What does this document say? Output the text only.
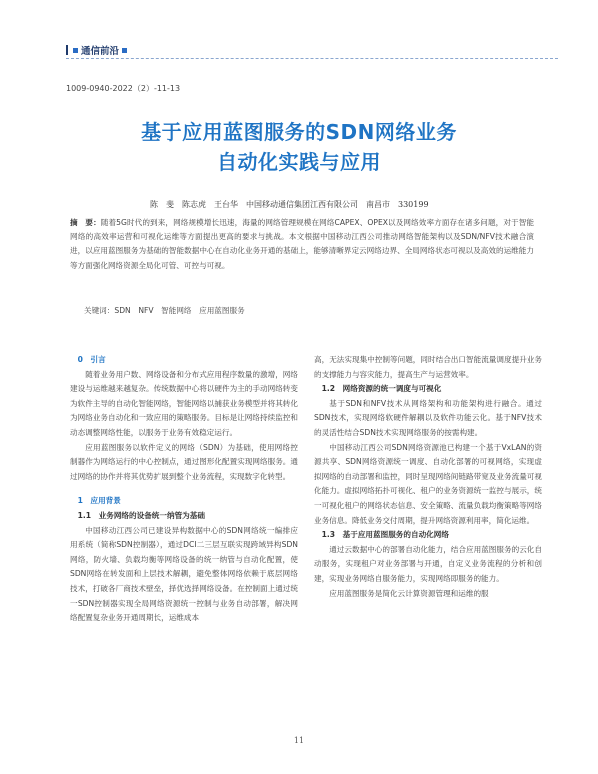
通信前沿
1009-0940-2022（2）-11-13
基于应用蓝图服务的SDN网络业务
自动化实践与应用
陈　斐　陈志虎　王台华　中国移动通信集团江西有限公司　南昌市　330199
摘　要：随着5G时代的到来，网络规模增长迅速，海量的网络管理规模在网络CAPEX、OPEX以及网络效率方面存在诸多问题，对于智能网络的高效率运营和可视化运维等方面提出更高的要求与挑战。本文根据中国移动江西公司推动网络智能架构以及SDN/NFV技术融合演进，以应用蓝图服务为基础的智能数据中心在自动化业务开通的基础上，能够清晰界定云网络边界、全局网络状态可视以及高效的运维能力等方面强化网络资源全局化可管、可控与可视。
关键词：SDN　NFV　智能网络　应用蓝图服务
0　引言

随着业务用户数、网络设备和分布式应用程序数量的激增，网络建设与运维越来越复杂。传统数据中心将以硬件为主的手动网络转变为软件主导的自动化智能网络，智能网络以捕获业务模型并将其转化为网络业务自动化和一致应用的策略服务。目标是让网络持续监控和动态调整网络性能，以服务于业务有效稳定运行。

应用蓝图服务以软件定义的网络（SDN）为基础，使用网络控制器作为网络运行的中心控制点，通过图形化配置实现网络服务。通过网络的协作并将其优势扩展到整个业务流程，实现数字化转型。

1　应用背景
1.1　业务网络的设备统一纳管为基础

中国移动江西公司已建设异构数据中心的SDN网络统一编排应用系统（简称SDN控制器），通过DCI二三层互联实现跨域异构SDN网络，防火墙、负载均衡等网络设备的统一纳管与自动化配置，使SDN网络在转发面和上层技术解耦，避免整体网络依赖于底层网络技术，打破各厂商技术壁垒，择优选择网络设备。在控制面上通过统一SDN控制器实现全局网络资源统一控制与业务自动部署，解决网络配置复杂业务开通周期长，运维成本

高，无法实现集中控制等问题，同时结合出口智能流量调度提升业务的支撑能力与容灾能力，提高生产与运营效率。

1.2　网络资源的统一调度与可视化

基于SDN和NFV技术从网络架构和功能架构进行融合。通过SDN技术，实现网络软硬件解耦以及软件功能云化。基于NFV技术的灵活性结合SDN技术实现网络服务的按需构建。

中国移动江西公司SDN网络资源池已构建一个基于VxLAN的资源共享、SDN网络资源统一调度、自动化部署的可视网络，实现虚拟网络的自动部署和监控，同时呈现网络间链路带宽及业务流量可视化能力。虚拟网络拓扑可视化、租户的业务资源统一监控与展示，统一可视化租户的网络状态信息、安全策略、流量负载均衡策略等网络业务信息。降低业务交付周期，提升网络资源利用率，简化运维。

1.3　基于应用蓝图服务的自动化网络

通过云数据中心的部署自动化能力，结合应用蓝图服务的云化自动服务，实现租户对业务部署与开通，自定义业务流程的分析和创建，实现业务网络自服务能力，实现网络即服务的能力。

应用蓝图服务是简化云计算资源管理和运维的服

11
